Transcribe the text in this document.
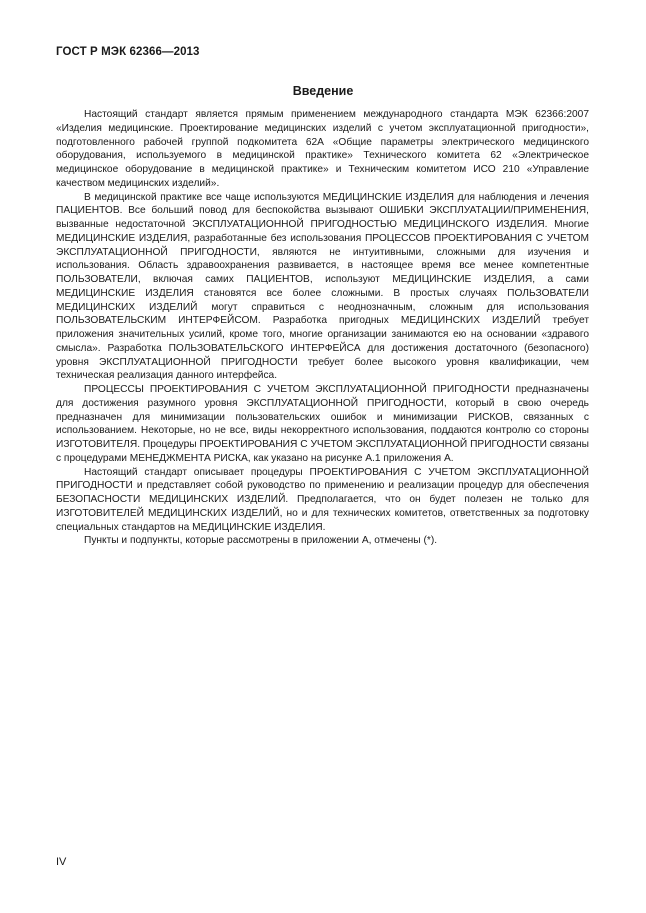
ГОСТ Р МЭК 62366—2013
Введение

Настоящий стандарт является прямым применением международного стандарта МЭК 62366:2007 «Изделия медицинские. Проектирование медицинских изделий с учетом эксплуатационной пригодности», подготовленного рабочей группой подкомитета 62А «Общие параметры электрического медицинского оборудования, используемого в медицинской практике» Технического комитета 62 «Электрическое медицинское оборудование в медицинской практике» и Техническим комитетом ИСО 210 «Управление качеством медицинских изделий».

В медицинской практике все чаще используются МЕДИЦИНСКИЕ ИЗДЕЛИЯ для наблюдения и лечения ПАЦИЕНТОВ. Все больший повод для беспокойства вызывают ОШИБКИ ЭКСПЛУАТАЦИИ/ПРИМЕНЕНИЯ, вызванные недостаточной ЭКСПЛУАТАЦИОННОЙ ПРИГОДНОСТЬЮ МЕДИЦИНСКОГО ИЗДЕЛИЯ. Многие МЕДИЦИНСКИЕ ИЗДЕЛИЯ, разработанные без использования ПРОЦЕССОВ ПРОЕКТИРОВАНИЯ С УЧЕТОМ ЭКСПЛУАТАЦИОННОЙ ПРИГОДНОСТИ, являются не интуитивными, сложными для изучения и использования. Область здравоохранения развивается, в настоящее время все менее компетентные ПОЛЬЗОВАТЕЛИ, включая самих ПАЦИЕНТОВ, используют МЕДИЦИНСКИЕ ИЗДЕЛИЯ, а сами МЕДИЦИНСКИЕ ИЗДЕЛИЯ становятся все более сложными. В простых случаях ПОЛЬЗОВАТЕЛИ МЕДИЦИНСКИХ ИЗДЕЛИЙ могут справиться с неоднозначным, сложным для использования ПОЛЬЗОВАТЕЛЬСКИМ ИНТЕРФЕЙСОМ. Разработка пригодных МЕДИЦИНСКИХ ИЗДЕЛИЙ требует приложения значительных усилий, кроме того, многие организации занимаются ею на основании «здравого смысла». Разработка ПОЛЬЗОВАТЕЛЬСКОГО ИНТЕРФЕЙСА для достижения достаточного (безопасного) уровня ЭКСПЛУАТАЦИОННОЙ ПРИГОДНОСТИ требует более высокого уровня квалификации, чем техническая реализация данного интерфейса.

ПРОЦЕССЫ ПРОЕКТИРОВАНИЯ С УЧЕТОМ ЭКСПЛУАТАЦИОННОЙ ПРИГОДНОСТИ предназначены для достижения разумного уровня ЭКСПЛУАТАЦИОННОЙ ПРИГОДНОСТИ, который в свою очередь предназначен для минимизации пользовательских ошибок и минимизации РИСКОВ, связанных с использованием. Некоторые, но не все, виды некорректного использования, поддаются контролю со стороны ИЗГОТОВИТЕЛЯ. Процедуры ПРОЕКТИРОВАНИЯ С УЧЕТОМ ЭКСПЛУАТАЦИОННОЙ ПРИГОДНОСТИ связаны с процедурами МЕНЕДЖМЕНТА РИСКА, как указано на рисунке А.1 приложения А.

Настоящий стандарт описывает процедуры ПРОЕКТИРОВАНИЯ С УЧЕТОМ ЭКСПЛУАТАЦИОННОЙ ПРИГОДНОСТИ и представляет собой руководство по применению и реализации процедур для обеспечения БЕЗОПАСНОСТИ МЕДИЦИНСКИХ ИЗДЕЛИЙ. Предполагается, что он будет полезен не только для ИЗГОТОВИТЕЛЕЙ МЕДИЦИНСКИХ ИЗДЕЛИЙ, но и для технических комитетов, ответственных за подготовку специальных стандартов на МЕДИЦИНСКИЕ ИЗДЕЛИЯ.

Пункты и подпункты, которые рассмотрены в приложении А, отмечены (*).

IV
